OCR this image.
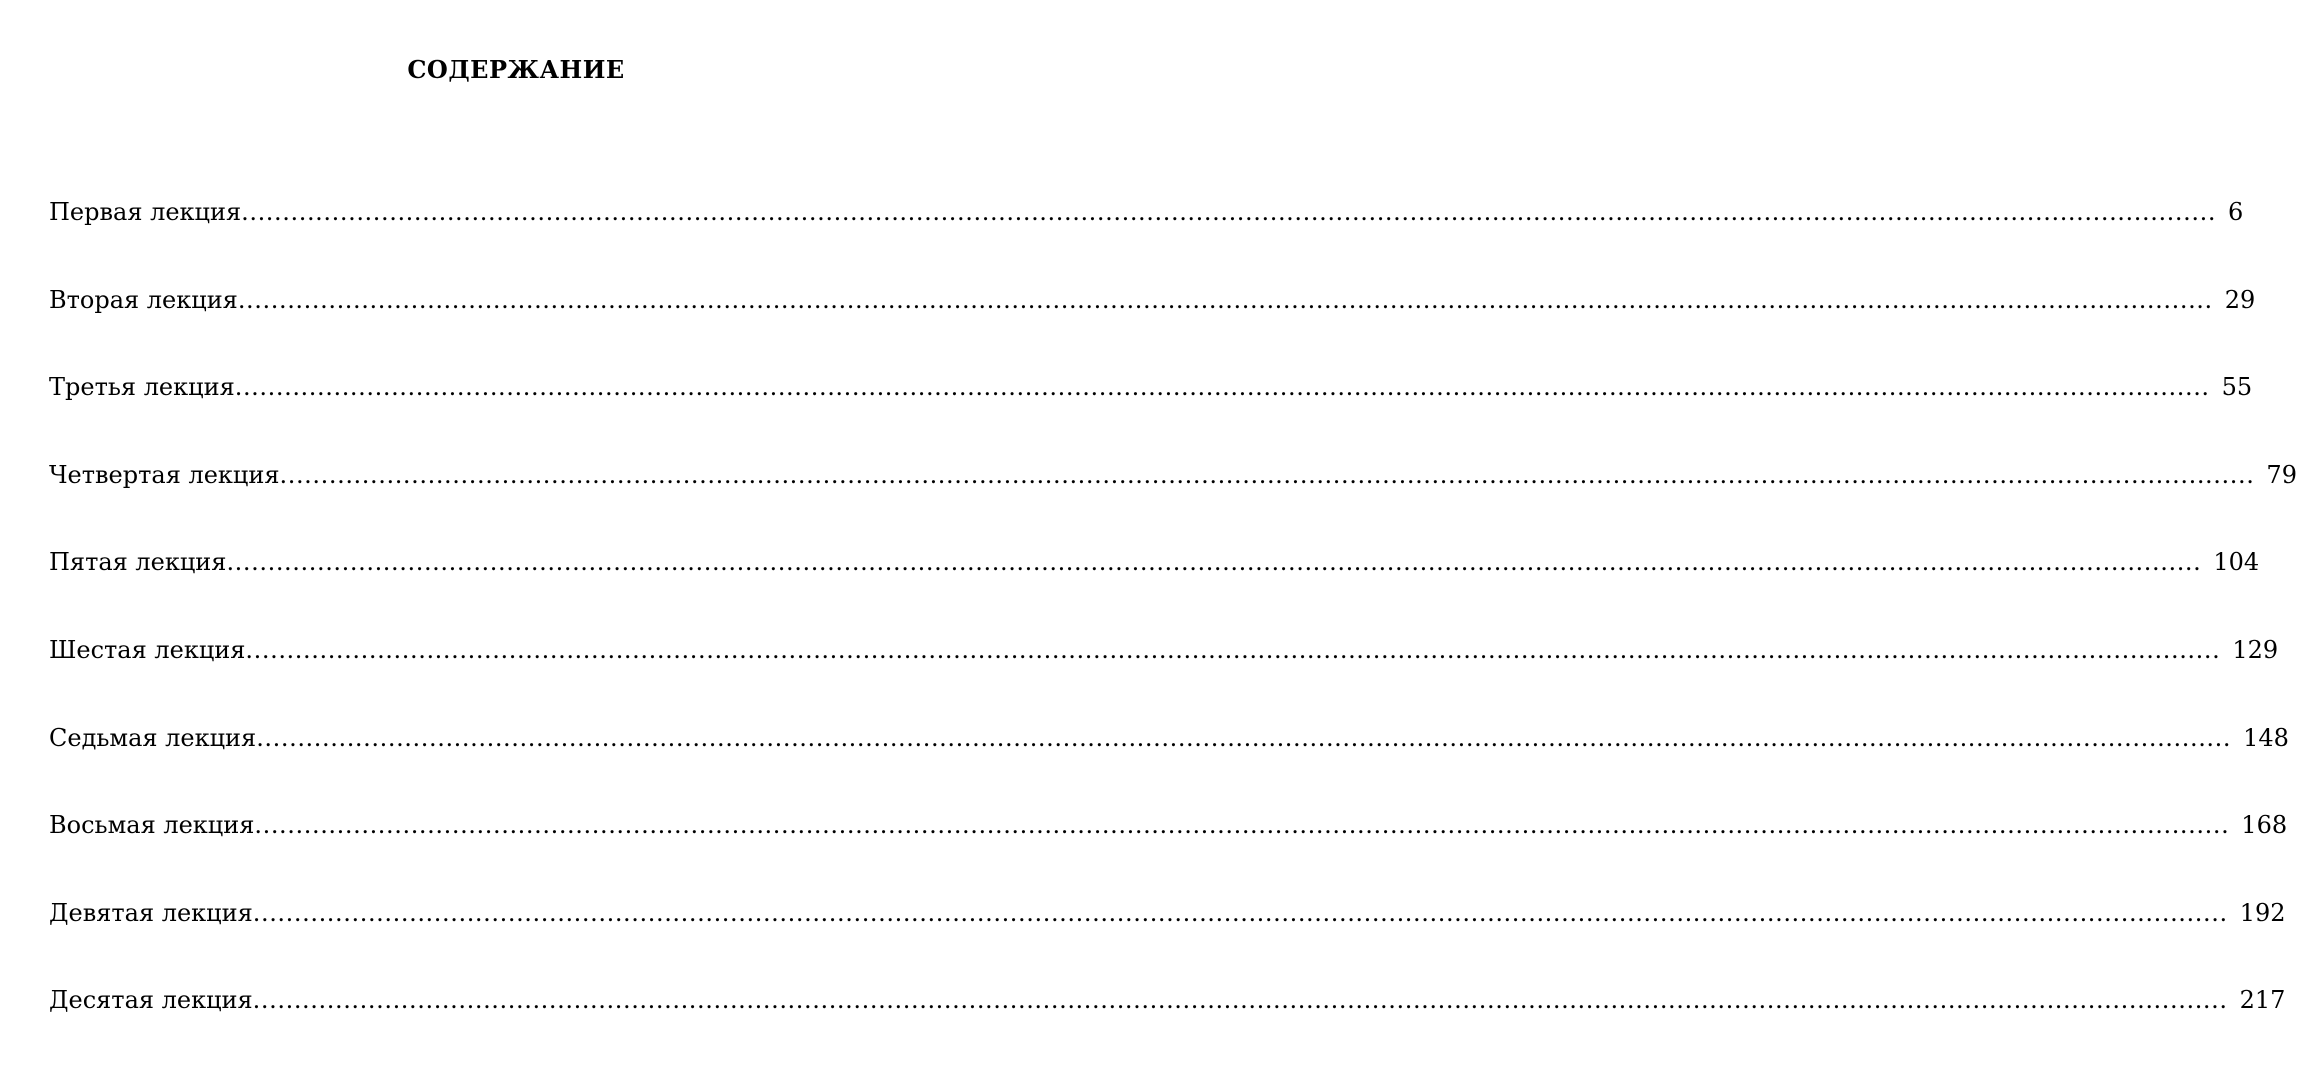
СОДЕРЖАНИЕ
Первая лекция ................................................................................................................................................................................................................................................ 6
Вторая лекция ................................................................................................................................................................................................................................................ 29
Третья лекция ................................................................................................................................................................................................................................................ 55
Четвертая лекция ................................................................................................................................................................................................................................................ 79
Пятая лекция ................................................................................................................................................................................................................................................ 104
Шестая лекция ................................................................................................................................................................................................................................................ 129
Седьмая лекция ................................................................................................................................................................................................................................................ 148
Восьмая лекция ................................................................................................................................................................................................................................................ 168
Девятая лекция ................................................................................................................................................................................................................................................ 192
Десятая лекция ................................................................................................................................................................................................................................................ 217
